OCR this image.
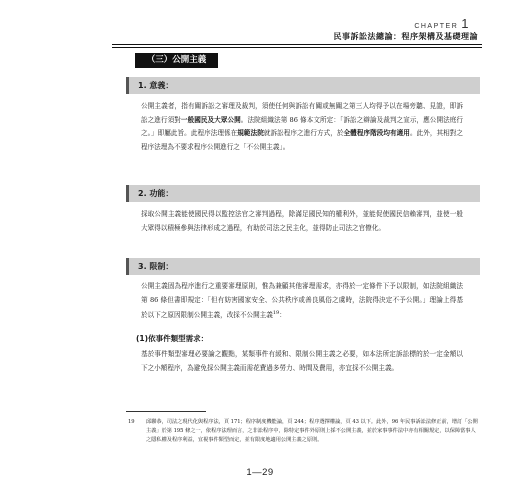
CHAPTER 1
民事訴訟法總論：程序架構及基礎理論
（三）公開主義
1. 意義：

公開主義者，指有關訴訟之審理及裁判，須使任何與訴訟有關或無關之第三人均得予以在場旁聽、見證，即訴訟之進行須對一般國民及大眾公開。法院組織法第 86 條本文所定：「訴訟之辯論及裁判之宣示，應公開法庭行之。」即屬此旨。此程序法理係在規範法院就訴訟程序之進行方式，於全體程序階段均有適用。此外，其相對之程序法理為不要求程序公開進行之「不公開主義」。

2. 功能：

採取公開主義能使國民得以監控法官之審判過程，除滿足國民知的權利外，並能促使國民信賴審判，並使一般大眾得以積極參與法律形成之過程，有助於司法之民主化，並得防止司法之官僚化。

3. 限制：

公開主義固為程序進行之重要審理原則，惟為兼顧其他審理需求，亦得於一定條件下予以限制，如法院組織法第 86 條但書即規定：「但有妨害國家安全、公共秩序或善良風俗之虞時，法院得決定不予公開。」理論上得基於以下之原因限制公開主義，改採不公開主義$^{19}$：

(1)依事件類型需求：

基於事件類型審理必要論之觀點，某類事件有緩和、限制公開主義之必要，如本法所定訴訟標的於一定金額以下之小額程序，為避免採公開主義而需花費過多勞力、時間及費用，亦宜採不公開主義。

19 邱聯恭，司法之現代化與程序法，頁 171；程序制度機能論，頁 244；程序選擇權論，頁 43 以下。此外，96 年民事訴訟法修正前，增訂「公開主義」於第 195 條之一，依程序法理而言，之非訟程序中，除特定事件外原則上採不公開主義，並於家事事件法中亦有相關規定，以保障當事人之隱私權及程序利益，宜視事件類型而定，並有限度地適用公開主義之原則。
1—29
